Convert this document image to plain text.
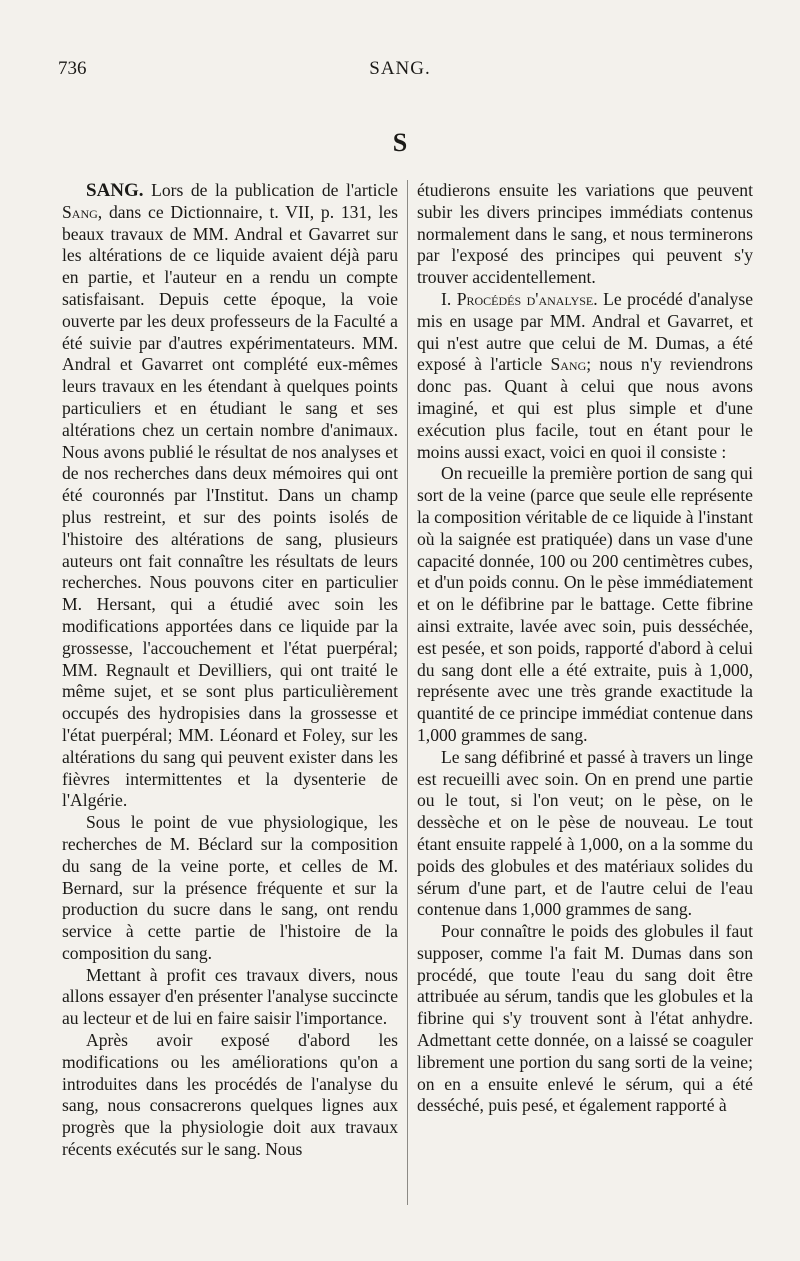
736	SANG.
S

SANG. Lors de la publication de l'article Sang, dans ce Dictionnaire, t. VII, p. 131, les beaux travaux de MM. Andral et Gavarret sur les altérations de ce liquide avaient déjà paru en partie, et l'auteur en a rendu un compte satisfaisant. Depuis cette époque, la voie ouverte par les deux professeurs de la Faculté a été suivie par d'autres expérimentateurs. MM. Andral et Gavarret ont complété eux-mêmes leurs travaux en les étendant à quelques points particuliers et en étudiant le sang et ses altérations chez un certain nombre d'animaux. Nous avons publié le résultat de nos analyses et de nos recherches dans deux mémoires qui ont été couronnés par l'Institut. Dans un champ plus restreint, et sur des points isolés de l'histoire des altérations de sang, plusieurs auteurs ont fait connaître les résultats de leurs recherches. Nous pouvons citer en particulier M. Hersant, qui a étudié avec soin les modifications apportées dans ce liquide par la grossesse, l'accouchement et l'état puerpéral; MM. Regnault et Devilliers, qui ont traité le même sujet, et se sont plus particulièrement occupés des hydropisies dans la grossesse et l'état puerpéral; MM. Léonard et Foley, sur les altérations du sang qui peuvent exister dans les fièvres intermittentes et la dysenterie de l'Algérie.

Sous le point de vue physiologique, les recherches de M. Béclard sur la composition du sang de la veine porte, et celles de M. Bernard, sur la présence fréquente et sur la production du sucre dans le sang, ont rendu service à cette partie de l'histoire de la composition du sang.

Mettant à profit ces travaux divers, nous allons essayer d'en présenter l'analyse succincte au lecteur et de lui en faire saisir l'importance.

Après avoir exposé d'abord les modifications ou les améliorations qu'on a introduites dans les procédés de l'analyse du sang, nous consacrerons quelques lignes aux progrès que la physiologie doit aux travaux récents exécutés sur le sang. Nous

étudierons ensuite les variations que peuvent subir les divers principes immédiats contenus normalement dans le sang, et nous terminerons par l'exposé des principes qui peuvent s'y trouver accidentellement.

I. Procédés d'analyse. Le procédé d'analyse mis en usage par MM. Andral et Gavarret, et qui n'est autre que celui de M. Dumas, a été exposé à l'article Sang; nous n'y reviendrons donc pas. Quant à celui que nous avons imaginé, et qui est plus simple et d'une exécution plus facile, tout en étant pour le moins aussi exact, voici en quoi il consiste :

On recueille la première portion de sang qui sort de la veine (parce que seule elle représente la composition véritable de ce liquide à l'instant où la saignée est pratiquée) dans un vase d'une capacité donnée, 100 ou 200 centimètres cubes, et d'un poids connu. On le pèse immédiatement et on le défibrine par le battage. Cette fibrine ainsi extraite, lavée avec soin, puis desséchée, est pesée, et son poids, rapporté d'abord à celui du sang dont elle a été extraite, puis à 1,000, représente avec une très grande exactitude la quantité de ce principe immédiat contenue dans 1,000 grammes de sang.

Le sang défibriné et passé à travers un linge est recueilli avec soin. On en prend une partie ou le tout, si l'on veut; on le pèse, on le dessèche et on le pèse de nouveau. Le tout étant ensuite rappelé à 1,000, on a la somme du poids des globules et des matériaux solides du sérum d'une part, et de l'autre celui de l'eau contenue dans 1,000 grammes de sang.

Pour connaître le poids des globules il faut supposer, comme l'a fait M. Dumas dans son procédé, que toute l'eau du sang doit être attribuée au sérum, tandis que les globules et la fibrine qui s'y trouvent sont à l'état anhydre. Admettant cette donnée, on a laissé se coaguler librement une portion du sang sorti de la veine; on en a ensuite enlevé le sérum, qui a été desséché, puis pesé, et également rapporté à
